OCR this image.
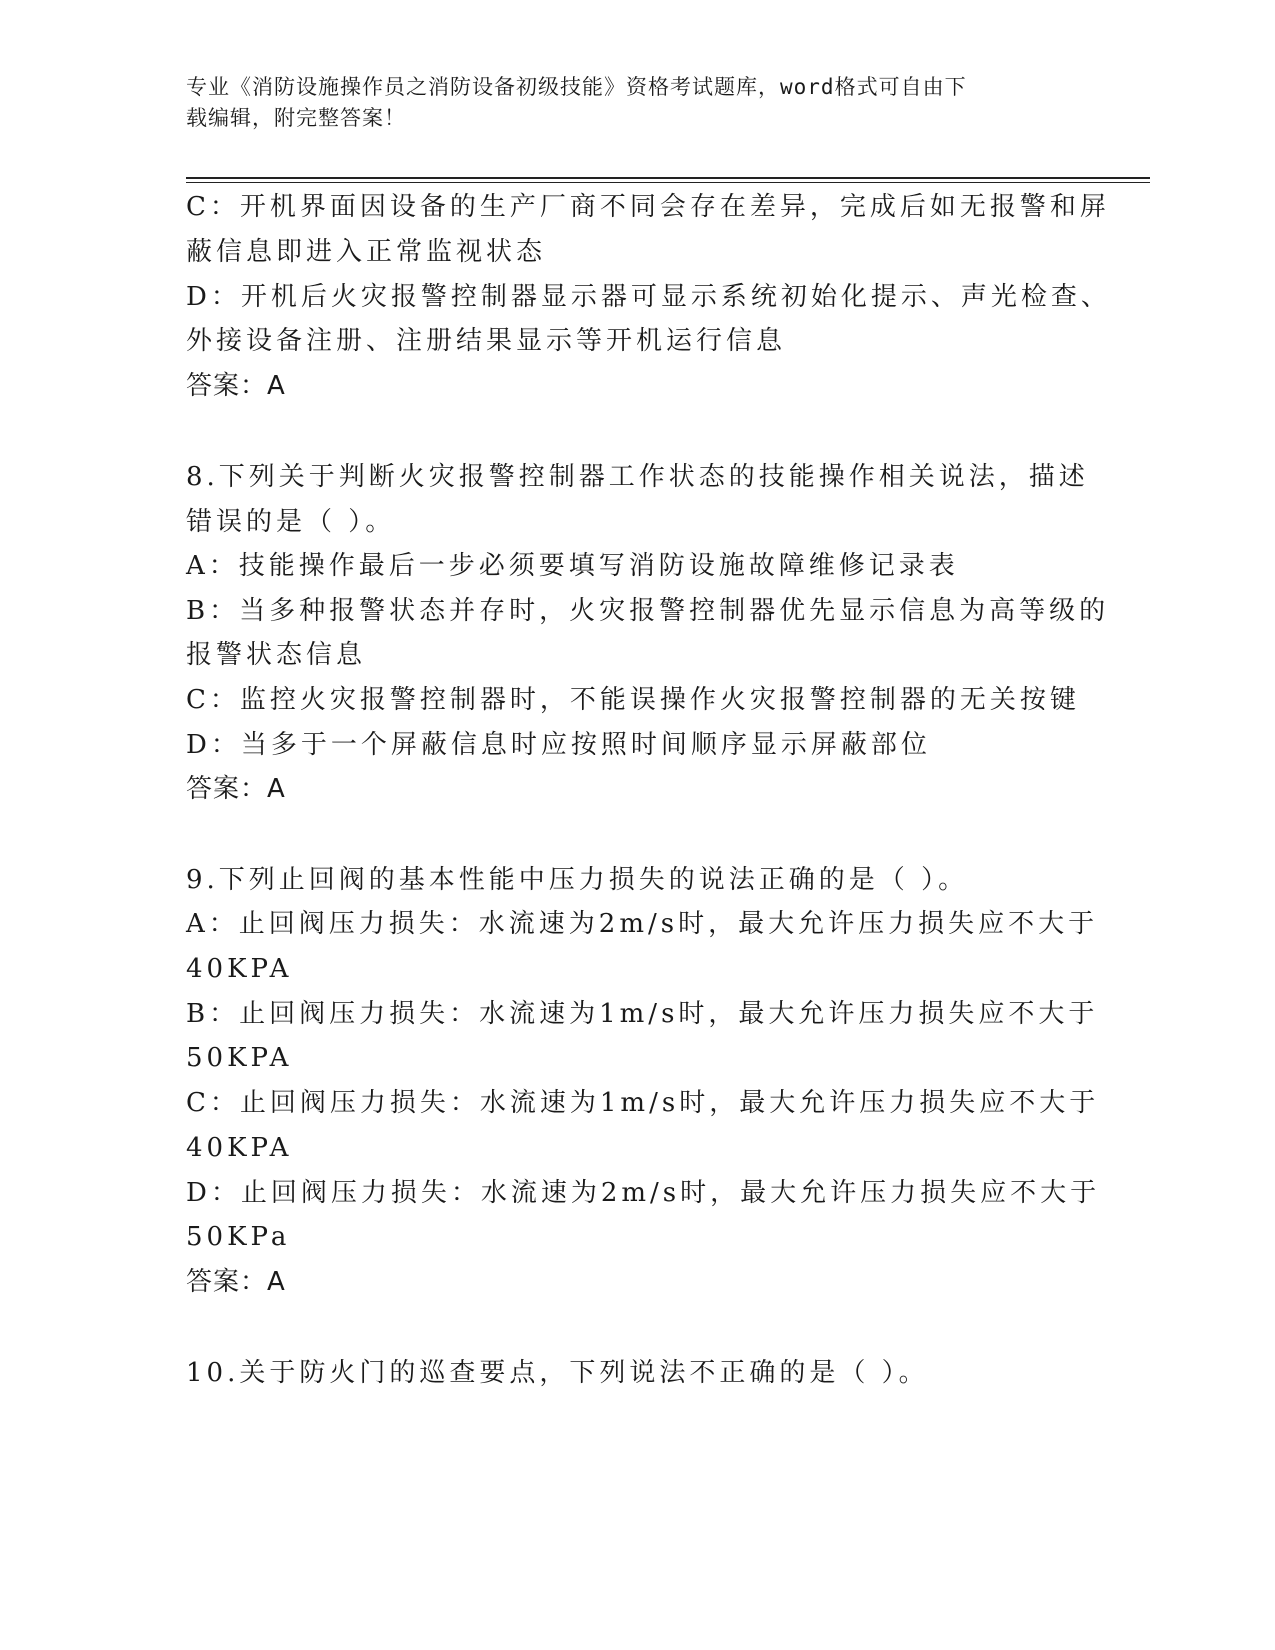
专业《消防设施操作员之消防设备初级技能》资格考试题库，word格式可自由下
载编辑，附完整答案！
C：开机界面因设备的生产厂商不同会存在差异，完成后如无报警和屏
蔽信息即进入正常监视状态
D：开机后火灾报警控制器显示器可显示系统初始化提示、声光检查、
外接设备注册、注册结果显示等开机运行信息
答案：A
8.下列关于判断火灾报警控制器工作状态的技能操作相关说法，描述
错误的是（ ）。
A：技能操作最后一步必须要填写消防设施故障维修记录表
B：当多种报警状态并存时，火灾报警控制器优先显示信息为高等级的
报警状态信息
C：监控火灾报警控制器时，不能误操作火灾报警控制器的无关按键
D：当多于一个屏蔽信息时应按照时间顺序显示屏蔽部位
答案：A
9.下列止回阀的基本性能中压力损失的说法正确的是（ ）。
A：止回阀压力损失：水流速为2m/s时，最大允许压力损失应不大于
40KPA
B：止回阀压力损失：水流速为1m/s时，最大允许压力损失应不大于
50KPA
C：止回阀压力损失：水流速为1m/s时，最大允许压力损失应不大于
40KPA
D：止回阀压力损失：水流速为2m/s时，最大允许压力损失应不大于
50KPa
答案：A
10.关于防火门的巡查要点，下列说法不正确的是（ ）。
